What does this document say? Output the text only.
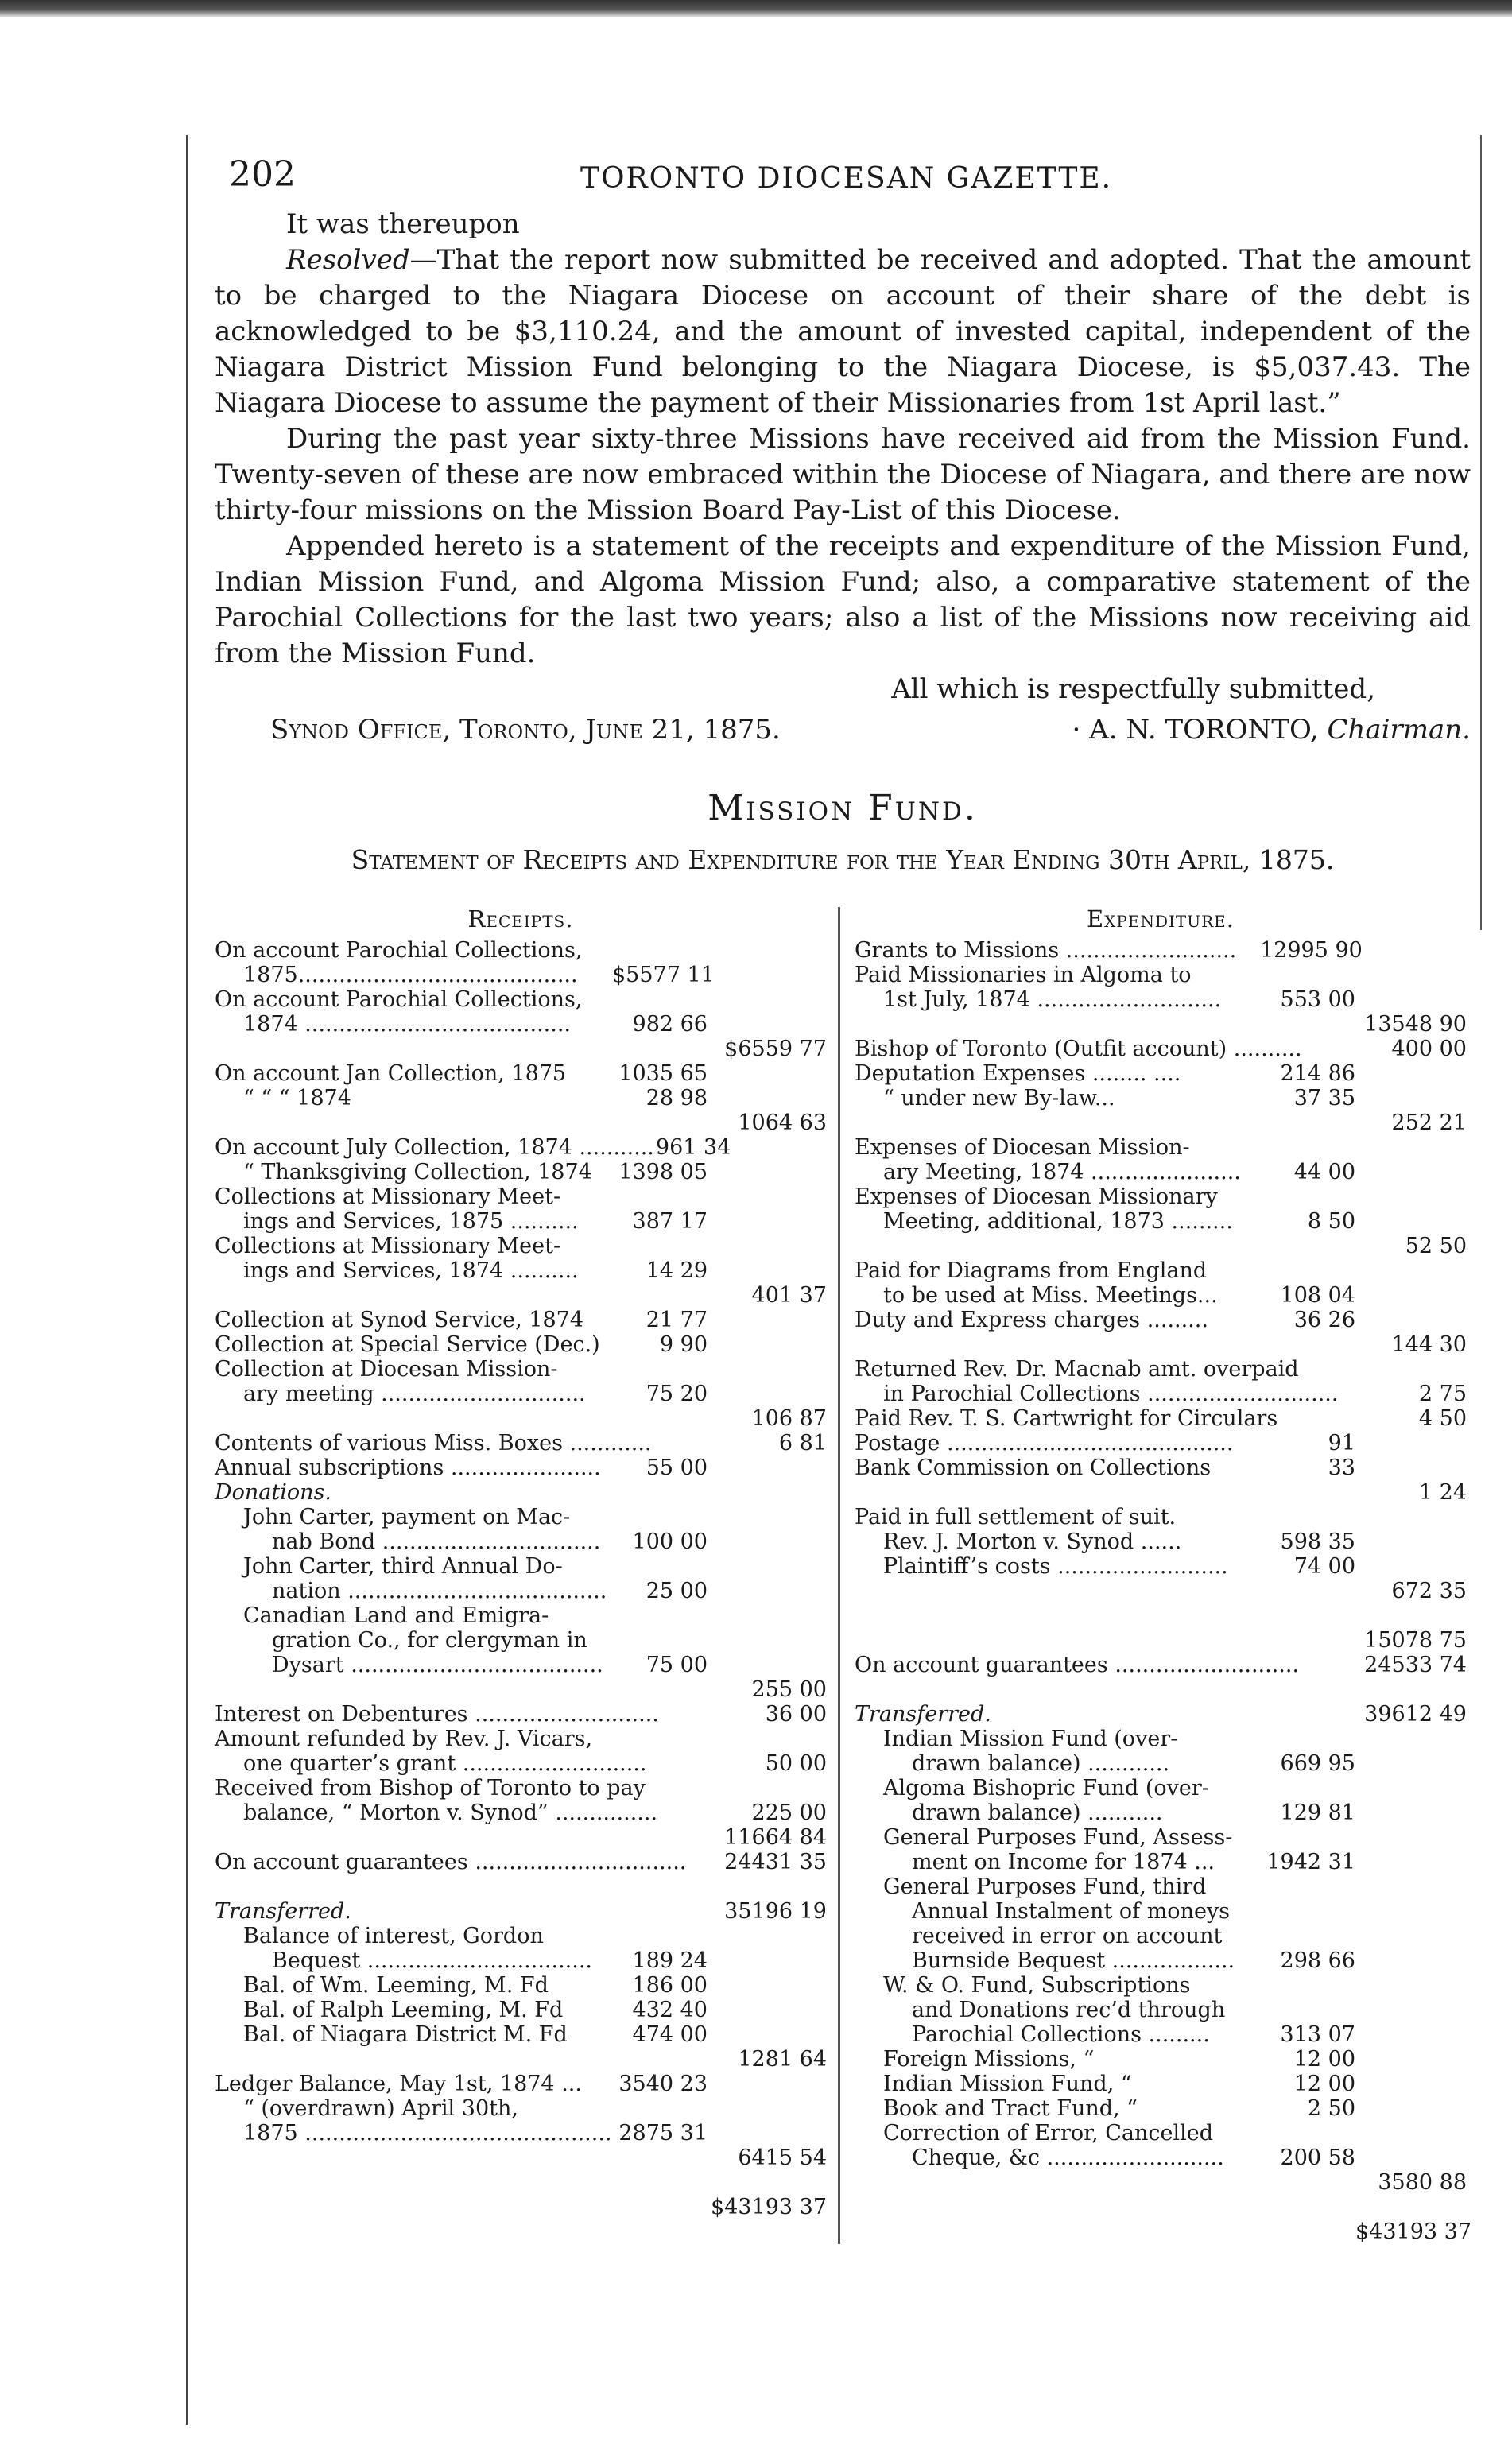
202	TORONTO DIOCESAN GAZETTE.

It was thereupon

Resolved—That the report now submitted be received and adopted. That the amount to be charged to the Niagara Diocese on account of their share of the debt is acknowledged to be $3,110.24, and the amount of invested capital, independent of the Niagara District Mission Fund belonging to the Niagara Diocese, is $5,037.43. The Niagara Diocese to assume the payment of their Missionaries from 1st April last.”

During the past year sixty-three Missions have received aid from the Mission Fund. Twenty-seven of these are now embraced within the Diocese of Niagara, and there are now thirty-four missions on the Mission Board Pay-List of this Diocese.

Appended hereto is a statement of the receipts and expenditure of the Mission Fund, Indian Mission Fund, and Algoma Mission Fund; also, a comparative statement of the Parochial Collections for the last two years; also a list of the Missions now receiving aid from the Mission Fund.

All which is respectfully submitted,
Synod Office, Toronto, June 21, 1875.	· A. N. TORONTO, Chairman.
Mission Fund.
Statement of Receipts and Expenditure for the Year Ending 30th April, 1875.
Receipts.
On account Parochial Collections,
1875.........................................	$5577 11
On account Parochial Collections,
1874 .......................................	982 66

$6559 77
On account Jan Collection, 1875	1035 65
“ “ “ 1874	28 98

1064 63
On account July Collection, 1874 ........... 961 34
“ Thanksgiving Collection, 1874	1398 05
Collections at Missionary Meet-
ings and Services, 1875 ..........	387 17
Collections at Missionary Meet-
ings and Services, 1874 ..........	14 29

401 37
Collection at Synod Service, 1874	21 77
Collection at Special Service (Dec.)	9 90
Collection at Diocesan Mission-
ary meeting ..............................	75 20

106 87
Contents of various Miss. Boxes ............	6 81
Annual subscriptions ......................	55 00
Donations.
John Carter, payment on Mac-
nab Bond ................................	100 00
John Carter, third Annual Do-
nation ......................................	25 00
Canadian Land and Emigra-
gration Co., for clergyman in
Dysart .....................................	75 00

255 00
Interest on Debentures ...........................	36 00
Amount refunded by Rev. J. Vicars,
one quarter’s grant ...........................	50 00
Received from Bishop of Toronto to pay
balance, “ Morton v. Synod” ...............	225 00

11664 84
On account guarantees ............................... 24431 35

Transferred.	35196 19
Balance of interest, Gordon
Bequest .................................	189 24
Bal. of Wm. Leeming, M. Fd	186 00
Bal. of Ralph Leeming, M. Fd	432 40
Bal. of Niagara District M. Fd	474 00

1281 64
Ledger Balance, May 1st, 1874 ...	3540 23
“ (overdrawn) April 30th,
1875 ............................................. 2875 31

6415 54

$43193 37
Expenditure.
Grants to Missions .........................	12995 90
Paid Missionaries in Algoma to
1st July, 1874 ...........................	553 00

13548 90
Bishop of Toronto (Outfit account) ..........	400 00
Deputation Expenses ........ ....	214 86
“ under new By-law...	37 35

252 21
Expenses of Diocesan Mission-
ary Meeting, 1874 ......................	44 00
Expenses of Diocesan Missionary
Meeting, additional, 1873 .........	8 50

52 50
Paid for Diagrams from England
to be used at Miss. Meetings...	108 04
Duty and Express charges .........	36 26

144 30
Returned Rev. Dr. Macnab amt. overpaid
in Parochial Collections ............................	2 75
Paid Rev. T. S. Cartwright for Circulars	4 50
Postage ..........................................	91
Bank Commission on Collections	33

1 24
Paid in full settlement of suit.
Rev. J. Morton v. Synod ......	598 35
Plaintiff’s costs .........................	74 00

672 35

15078 75
On account guarantees ...........................	24533 74

Transferred.	39612 49
Indian Mission Fund (over-
drawn balance) ............	669 95
Algoma Bishopric Fund (over-
drawn balance) ...........	129 81
General Purposes Fund, Assess-
ment on Income for 1874 ...	1942 31
General Purposes Fund, third
Annual Instalment of moneys
received in error on account
Burnside Bequest ..................	298 66
W. & O. Fund, Subscriptions
and Donations rec’d through
Parochial Collections .........	313 07
Foreign Missions, “	12 00
Indian Mission Fund, “	12 00
Book and Tract Fund, “	2 50
Correction of Error, Cancelled
Cheque, &c ..........................	200 58

3580 88

$43193 37
